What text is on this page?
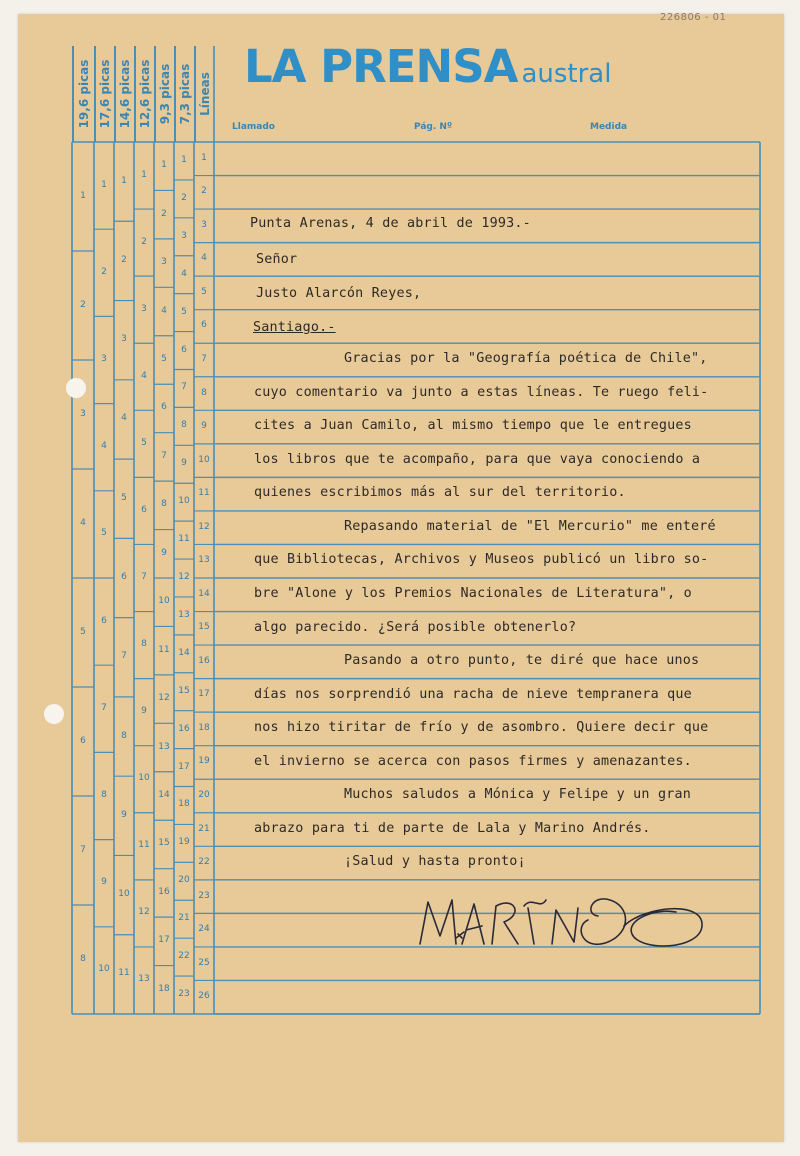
226806 - 01
LA PRENSA austral
Llamado	Pág. Nº	Medida
19,6 picas 17,6 picas 14,6 picas 12,6 picas 9,3 picas 7,3 picas Líneas
1
2
3
4
5
6
7
8
1
2
3
4
5
6
7
8
9
10
1
2
3
4
5
6
7
8
9
10
11
1
2
3
4
5
6
7
8
9
10
11
12
13
1
2
3
4
5
6
7
8
9
10
11
12
13
14
15
16
17
18
1
2
3
4
5
6
7
8
9
10
11
12
13
14
15
16
17
18
19
20
21
22
23
1
2
3
4
5
6
7
8
9
10
11
12
13
14
15
16
17
18
19
20
21
22
23
24
25
26
Punta Arenas, 4 de abril de 1993.-
Señor
Justo Alarcón Reyes,
Santiago.-
Gracias por la "Geografía poética de Chile",
cuyo comentario va junto a estas líneas. Te ruego feli-
cites a Juan Camilo, al mismo tiempo que le entregues
los libros que te acompaño, para que vaya conociendo a
quienes escribimos más al sur del territorio.
Repasando material de "El Mercurio" me enteré
que Bibliotecas, Archivos y Museos publicó un libro so-
bre "Alone y los Premios Nacionales de Literatura", o
algo parecido. ¿Será posible obtenerlo?
Pasando a otro punto, te diré que hace unos
días nos sorprendió una racha de nieve tempranera que
nos hizo tiritar de frío y de asombro. Quiere decir que
el invierno se acerca con pasos firmes y amenazantes.
Muchos saludos a Mónica y Felipe y un gran
abrazo para ti de parte de Lala y Marino Andrés.
¡Salud y hasta pronto¡
